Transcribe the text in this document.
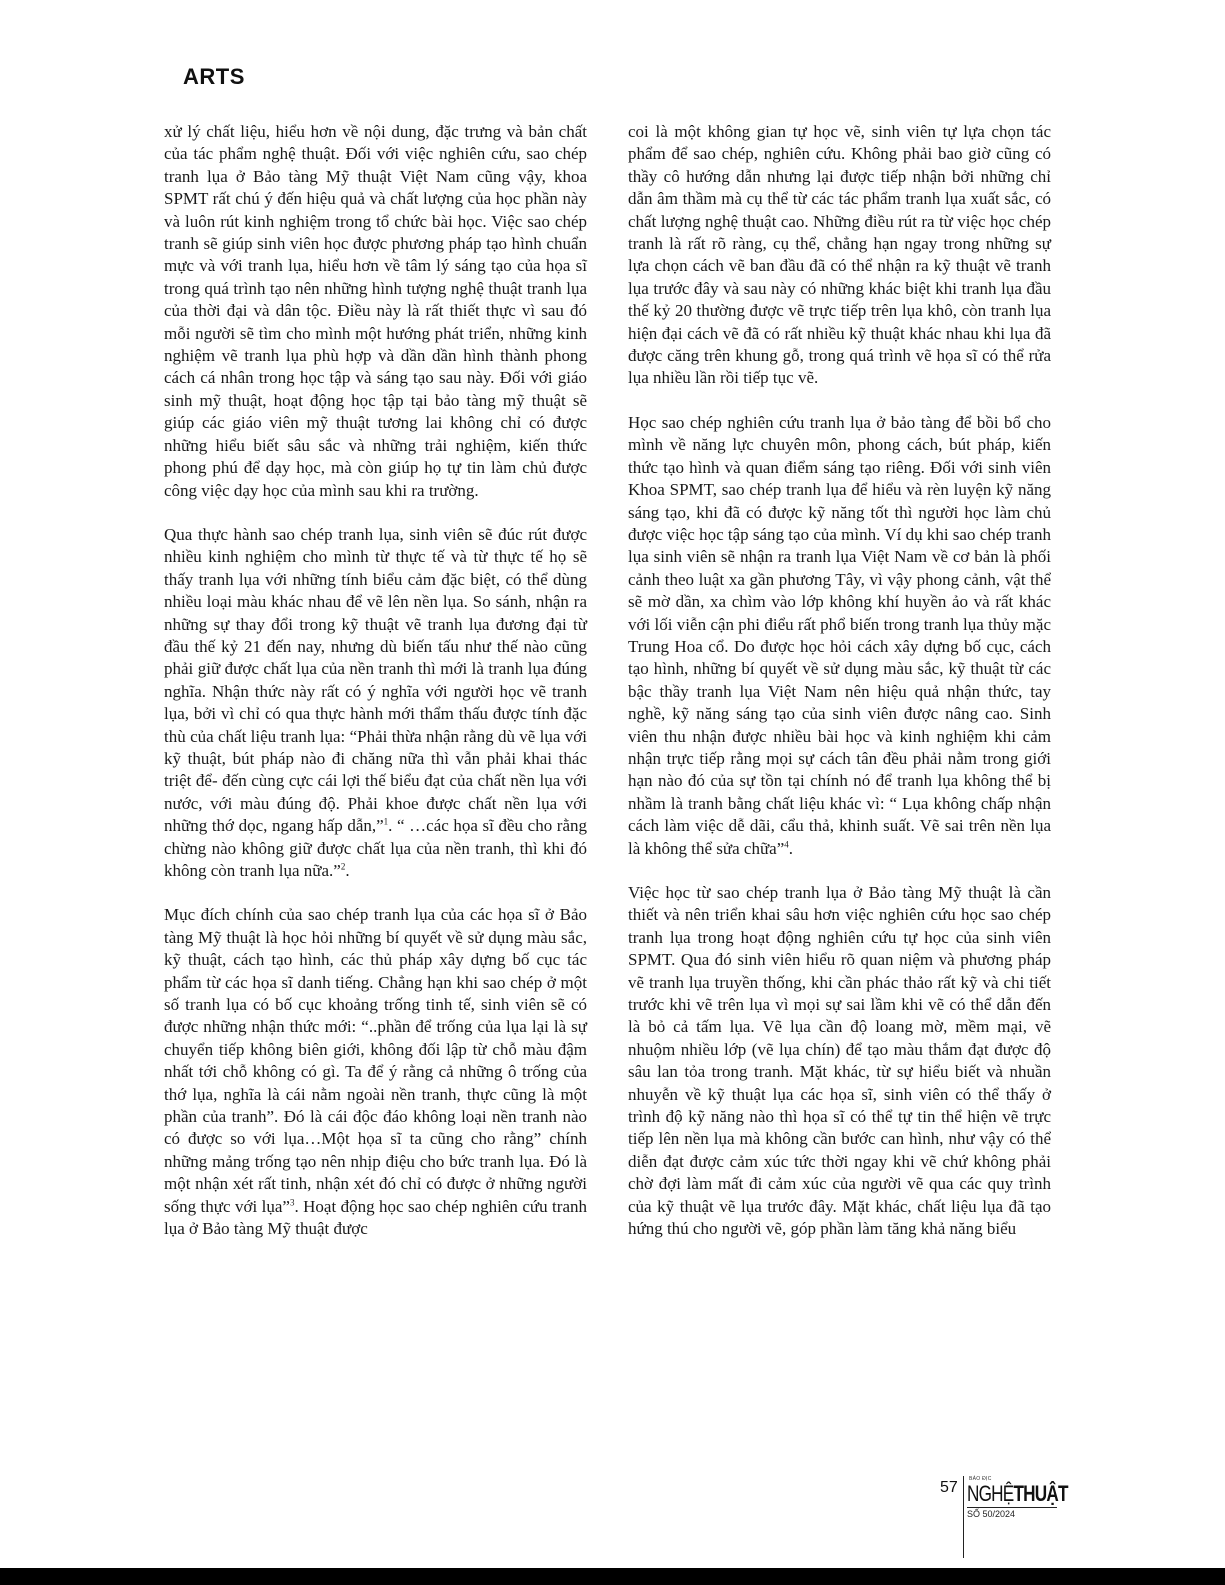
ARTS

xử lý chất liệu, hiểu hơn về nội dung, đặc trưng và bản chất của tác phẩm nghệ thuật. Đối với việc nghiên cứu, sao chép tranh lụa ở Bảo tàng Mỹ thuật Việt Nam cũng vậy, khoa SPMT rất chú ý đến hiệu quả và chất lượng của học phần này và luôn rút kinh nghiệm trong tổ chức bài học. Việc sao chép tranh sẽ giúp sinh viên học được phương pháp tạo hình chuẩn mực và với tranh lụa, hiểu hơn về tâm lý sáng tạo của họa sĩ trong quá trình tạo nên những hình tượng nghệ thuật tranh lụa của thời đại và dân tộc. Điều này là rất thiết thực vì sau đó mỗi người sẽ tìm cho mình một hướng phát triển, những kinh nghiệm vẽ tranh lụa phù hợp và dần dần hình thành phong cách cá nhân trong học tập và sáng tạo sau này. Đối với giáo sinh mỹ thuật, hoạt động học tập tại bảo tàng mỹ thuật sẽ giúp các giáo viên mỹ thuật tương lai không chỉ có được những hiểu biết sâu sắc và những trải nghiệm, kiến thức phong phú để dạy học, mà còn giúp họ tự tin làm chủ được công việc dạy học của mình sau khi ra trường.

Qua thực hành sao chép tranh lụa, sinh viên sẽ đúc rút được nhiều kinh nghiệm cho mình từ thực tế và từ thực tế họ sẽ thấy tranh lụa với những tính biểu cảm đặc biệt, có thể dùng nhiều loại màu khác nhau để vẽ lên nền lụa. So sánh, nhận ra những sự thay đổi trong kỹ thuật vẽ tranh lụa đương đại từ đầu thế kỷ 21 đến nay, nhưng dù biến tấu như thế nào cũng phải giữ được chất lụa của nền tranh thì mới là tranh lụa đúng nghĩa. Nhận thức này rất có ý nghĩa với người học vẽ tranh lụa, bởi vì chỉ có qua thực hành mới thẩm thấu được tính đặc thù của chất liệu tranh lụa: “Phải thừa nhận rằng dù vẽ lụa với kỹ thuật, bút pháp nào đi chăng nữa thì vẫn phải khai thác triệt để- đến cùng cực cái lợi thế biểu đạt của chất nền lụa với nước, với màu đúng độ. Phải khoe được chất nền lụa với những thớ dọc, ngang hấp dẫn,”$^1$. “ …các họa sĩ đều cho rằng chừng nào không giữ được chất lụa của nền tranh, thì khi đó không còn tranh lụa nữa.”$^2$.

Mục đích chính của sao chép tranh lụa của các họa sĩ ở Bảo tàng Mỹ thuật là học hỏi những bí quyết về sử dụng màu sắc, kỹ thuật, cách tạo hình, các thủ pháp xây dựng bố cục tác phẩm từ các họa sĩ danh tiếng. Chẳng hạn khi sao chép ở một số tranh lụa có bố cục khoảng trống tinh tế, sinh viên sẽ có được những nhận thức mới: “..phần để trống của lụa lại là sự chuyển tiếp không biên giới, không đối lập từ chỗ màu đậm nhất tới chỗ không có gì. Ta để ý rằng cả những ô trống của thớ lụa, nghĩa là cái nằm ngoài nền tranh, thực cũng là một phần của tranh”. Đó là cái độc đáo không loại nền tranh nào có được so với lụa…Một họa sĩ ta cũng cho rằng” chính những mảng trống tạo nên nhịp điệu cho bức tranh lụa. Đó là một nhận xét rất tinh, nhận xét đó chỉ có được ở những người sống thực với lụa”$^3$. Hoạt động học sao chép nghiên cứu tranh lụa ở Bảo tàng Mỹ thuật được

coi là một không gian tự học vẽ, sinh viên tự lựa chọn tác phẩm để sao chép, nghiên cứu. Không phải bao giờ cũng có thầy cô hướng dẫn nhưng lại được tiếp nhận bởi những chỉ dẫn âm thầm mà cụ thể từ các tác phẩm tranh lụa xuất sắc, có chất lượng nghệ thuật cao. Những điều rút ra từ việc học chép tranh là rất rõ ràng, cụ thể, chẳng hạn ngay trong những sự lựa chọn cách vẽ ban đầu đã có thể nhận ra kỹ thuật vẽ tranh lụa trước đây và sau này có những khác biệt khi tranh lụa đầu thế kỷ 20 thường được vẽ trực tiếp trên lụa khô, còn tranh lụa hiện đại cách vẽ đã có rất nhiều kỹ thuật khác nhau khi lụa đã được căng trên khung gỗ, trong quá trình vẽ họa sĩ có thể rửa lụa nhiều lần rồi tiếp tục vẽ.

Học sao chép nghiên cứu tranh lụa ở bảo tàng để bồi bổ cho mình về năng lực chuyên môn, phong cách, bút pháp, kiến thức tạo hình và quan điểm sáng tạo riêng. Đối với sinh viên Khoa SPMT, sao chép tranh lụa để hiểu và rèn luyện kỹ năng sáng tạo, khi đã có được kỹ năng tốt thì người học làm chủ được việc học tập sáng tạo của mình. Ví dụ khi sao chép tranh lụa sinh viên sẽ nhận ra tranh lụa Việt Nam về cơ bản là phối cảnh theo luật xa gần phương Tây, vì vậy phong cảnh, vật thể sẽ mờ dần, xa chìm vào lớp không khí huyền ảo và rất khác với lối viễn cận phi điểu rất phổ biến trong tranh lụa thủy mặc Trung Hoa cổ. Do được học hỏi cách xây dựng bố cục, cách tạo hình, những bí quyết về sử dụng màu sắc, kỹ thuật từ các bậc thầy tranh lụa Việt Nam nên hiệu quả nhận thức, tay nghề, kỹ năng sáng tạo của sinh viên được nâng cao. Sinh viên thu nhận được nhiều bài học và kinh nghiệm khi cảm nhận trực tiếp rằng mọi sự cách tân đều phải nằm trong giới hạn nào đó của sự tồn tại chính nó để tranh lụa không thể bị nhầm là tranh bằng chất liệu khác vì: “ Lụa không chấp nhận cách làm việc dễ dãi, cẩu thả, khinh suất. Vẽ sai trên nền lụa là không thể sửa chữa”$^4$.

Việc học từ sao chép tranh lụa ở Bảo tàng Mỹ thuật là cần thiết và nên triển khai sâu hơn việc nghiên cứu học sao chép tranh lụa trong hoạt động nghiên cứu tự học của sinh viên SPMT. Qua đó sinh viên hiểu rõ quan niệm và phương pháp vẽ tranh lụa truyền thống, khi cần phác thảo rất kỹ và chi tiết trước khi vẽ trên lụa vì mọi sự sai lầm khi vẽ có thể dẫn đến là bỏ cả tấm lụa. Vẽ lụa cần độ loang mờ, mềm mại, vẽ nhuộm nhiều lớp (vẽ lụa chín) để tạo màu thắm đạt được độ sâu lan tỏa trong tranh. Mặt khác, từ sự hiểu biết và nhuần nhuyễn về kỹ thuật lụa các họa sĩ, sinh viên có thể thấy ở trình độ kỹ năng nào thì họa sĩ có thể tự tin thể hiện vẽ trực tiếp lên nền lụa mà không cần bước can hình, như vậy có thể diễn đạt được cảm xúc tức thời ngay khi vẽ chứ không phải chờ đợi làm mất đi cảm xúc của người vẽ qua các quy trình của kỹ thuật vẽ lụa trước đây. Mặt khác, chất liệu lụa đã tạo hứng thú cho người vẽ, góp phần làm tăng khả năng biểu

57 BÁO ĐỊC
NGHỆTHUẬT
SỐ 50/2024
